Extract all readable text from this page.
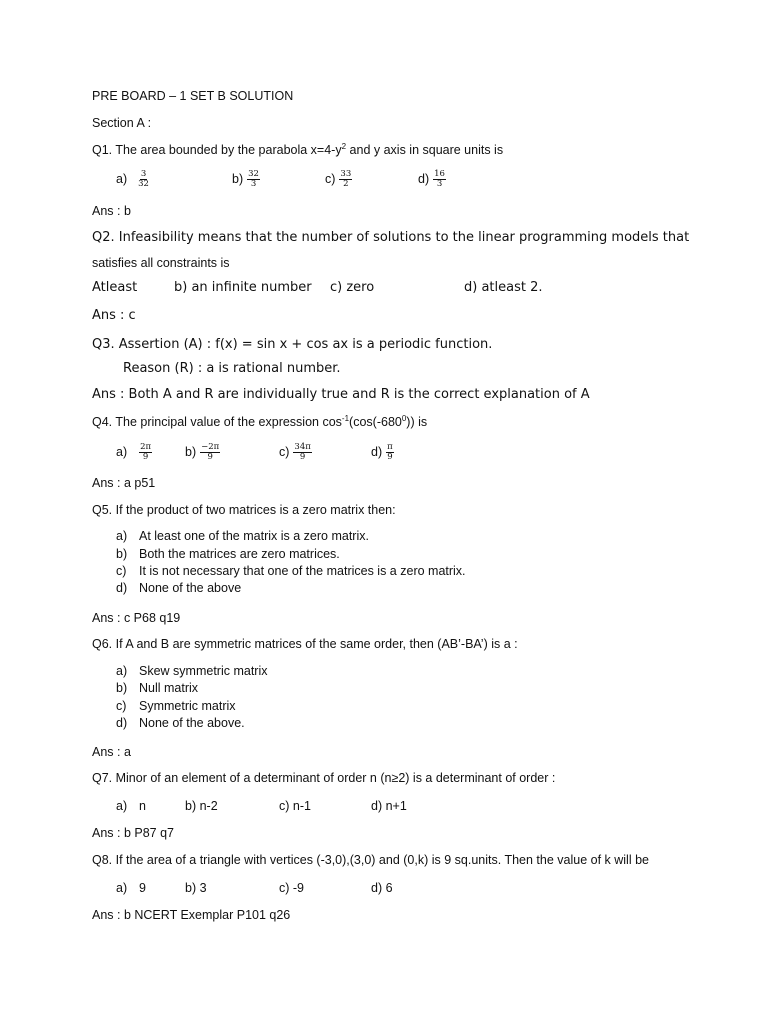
PRE BOARD – 1 SET B SOLUTION
Section A :
Q1. The area bounded by the parabola $x=4-y^2$ and y axis in square units is
$a) \frac{3}{32}$	$b) \frac{32}{3}$	$c) \frac{33}{2}$	$d) \frac{16}{3}$
Ans : b
Q2. Infeasibility means that the number of solutions to the linear programming models that
satisfies all constraints is
Atleast	b) an infinite number c) zero	d) atleast 2.
Ans : c
Q3. Assertion (A) : f(x) = sin x + cos ax is a periodic function.
Reason (R) : a is rational number.
Ans : Both A and R are individually true and R is the correct explanation of A
Q4. The principal value of the expression $\cos^{-1}(\cos(-680^0))$ is
$a) \frac{2\pi}{9}$	$b) \frac{-2\pi}{9}$	$c) \frac{34\pi}{9}$	$d) \frac{\pi}{9}$
Ans : a p51
Q5. If the product of two matrices is a zero matrix then:
a) At least one of the matrix is a zero matrix.
b) Both the matrices are zero matrices.
c) It is not necessary that one of the matrices is a zero matrix.
d) None of the above
Ans : c P68 q19
Q6. If A and B are symmetric matrices of the same order, then (AB’-BA’) is a :
a) Skew symmetric matrix
b) Null matrix
c) Symmetric matrix
d) None of the above.
Ans : a
Q7. Minor of an element of a determinant of order n (n≥2) is a determinant of order :
a) n	b) n-2	c) n-1	d) n+1
Ans : b P87 q7
Q8. If the area of a triangle with vertices (-3,0),(3,0) and (0,k) is 9 sq.units. Then the value of k will be
a) 9	b) 3	c) -9	d) 6
Ans : b NCERT Exemplar P101 q26
